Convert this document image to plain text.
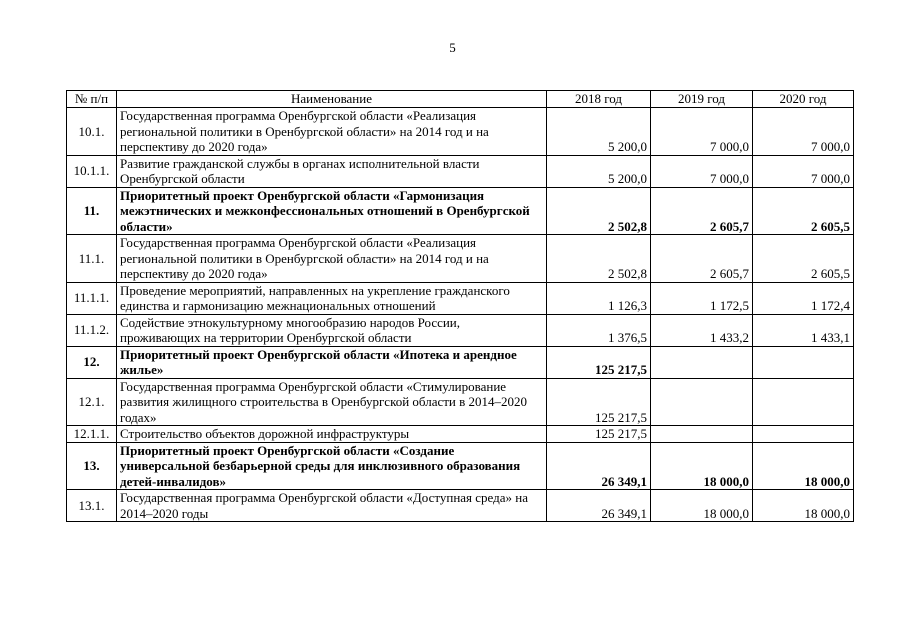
5
№ п/п	Наименование	2018 год	2019 год	2020 год
10.1.	Государственная программа Оренбургской области «Реализация региональной политики в Оренбургской области» на 2014 год и на перспективу до 2020 года»	5 200,0	7 000,0	7 000,0
10.1.1.	Развитие гражданской службы в органах исполнительной власти Оренбургской области	5 200,0	7 000,0	7 000,0
11.	Приоритетный проект Оренбургской области «Гармонизация межэтнических и межконфессиональных отношений в Оренбургской области»	2 502,8	2 605,7	2 605,5
11.1.	Государственная программа Оренбургской области «Реализация региональной политики в Оренбургской области» на 2014 год и на перспективу до 2020 года»	2 502,8	2 605,7	2 605,5
11.1.1.	Проведение мероприятий, направленных на укрепление гражданского единства и гармонизацию межнациональных отношений	1 126,3	1 172,5	1 172,4
11.1.2.	Содействие этнокультурному многообразию народов России, проживающих на территории Оренбургской области	1 376,5	1 433,2	1 433,1
12.	Приоритетный проект Оренбургской области «Ипотека и арендное жилье»	125 217,5		
12.1.	Государственная программа Оренбургской области «Стимулирование развития жилищного строительства в Оренбургской области в 2014–2020 годах»	125 217,5		
12.1.1.	Строительство объектов дорожной инфраструктуры	125 217,5		
13.	Приоритетный проект Оренбургской области «Создание универсальной безбарьерной среды для инклюзивного образования детей-инвалидов»	26 349,1	18 000,0	18 000,0
13.1.	Государственная программа Оренбургской области «Доступная среда» на 2014–2020 годы	26 349,1	18 000,0	18 000,0
